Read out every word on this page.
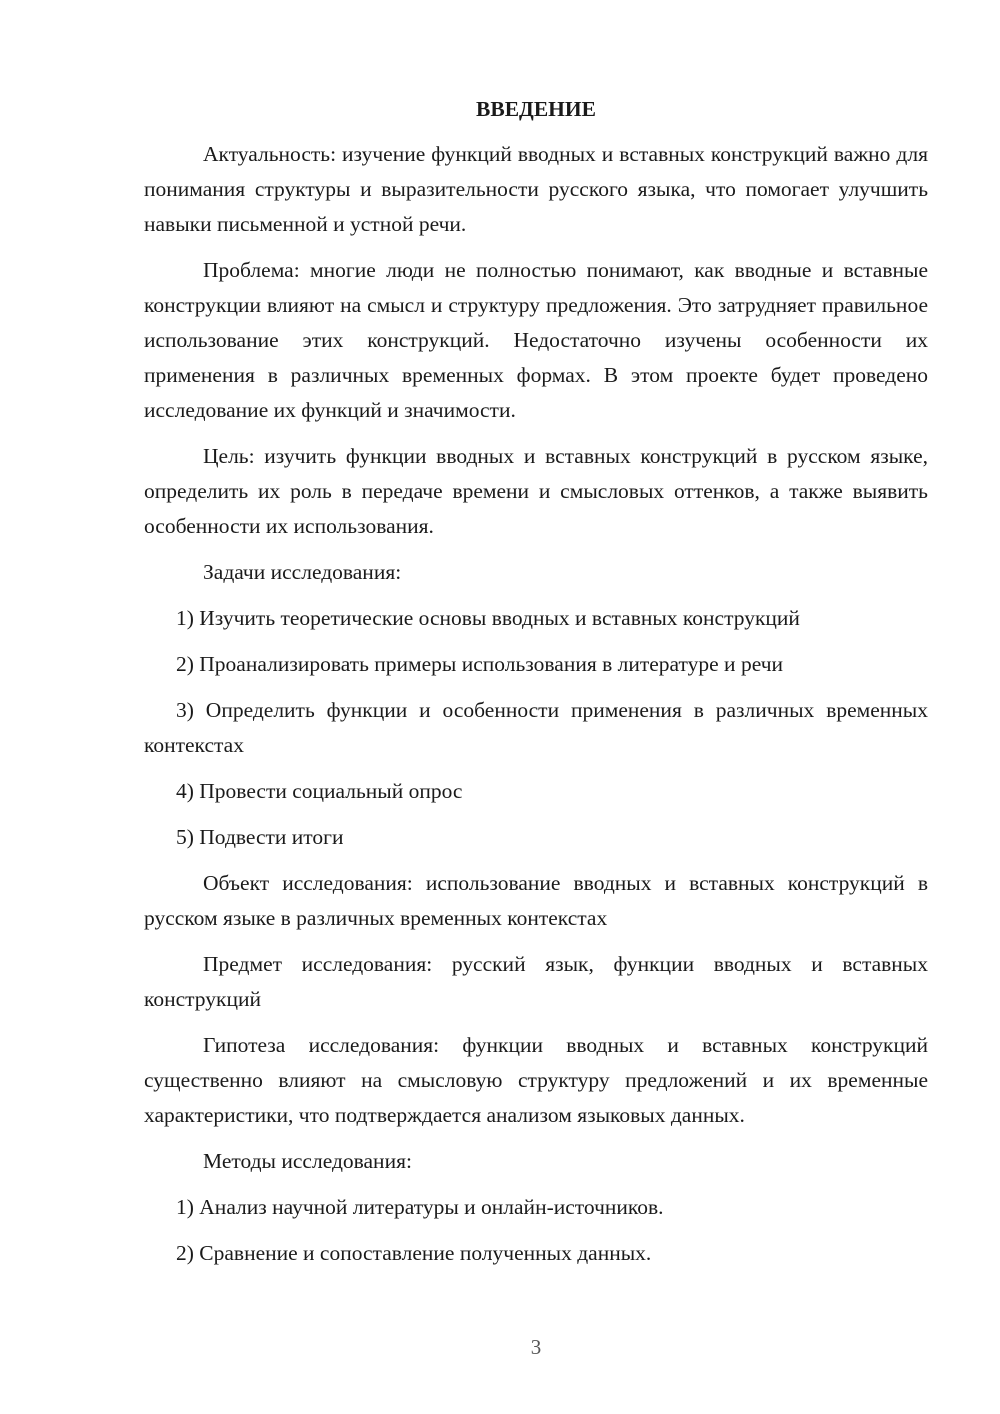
ВВЕДЕНИЕ

Актуальность: изучение функций вводных и вставных конструкций важно для понимания структуры и выразительности русского языка, что помогает улучшить навыки письменной и устной речи.

Проблема: многие люди не полностью понимают, как вводные и вставные конструкции влияют на смысл и структуру предложения. Это затрудняет правильное использование этих конструкций. Недостаточно изучены особенности их применения в различных временных формах. В этом проекте будет проведено исследование их функций и значимости.

Цель: изучить функции вводных и вставных конструкций в русском языке, определить их роль в передаче времени и смысловых оттенков, а также выявить особенности их использования.

Задачи исследования:

1) Изучить теоретические основы вводных и вставных конструкций
2) Проанализировать примеры использования в литературе и речи
3) Определить функции и особенности применения в различных временных контекстах
4) Провести социальный опрос
5) Подвести итоги

Объект исследования: использование вводных и вставных конструкций в русском языке в различных временных контекстах

Предмет исследования: русский язык, функции вводных и вставных конструкций

Гипотеза исследования: функции вводных и вставных конструкций существенно влияют на смысловую структуру предложений и их временные характеристики, что подтверждается анализом языковых данных.

Методы исследования:

1) Анализ научной литературы и онлайн-источников.
2) Сравнение и сопоставление полученных данных.
3
